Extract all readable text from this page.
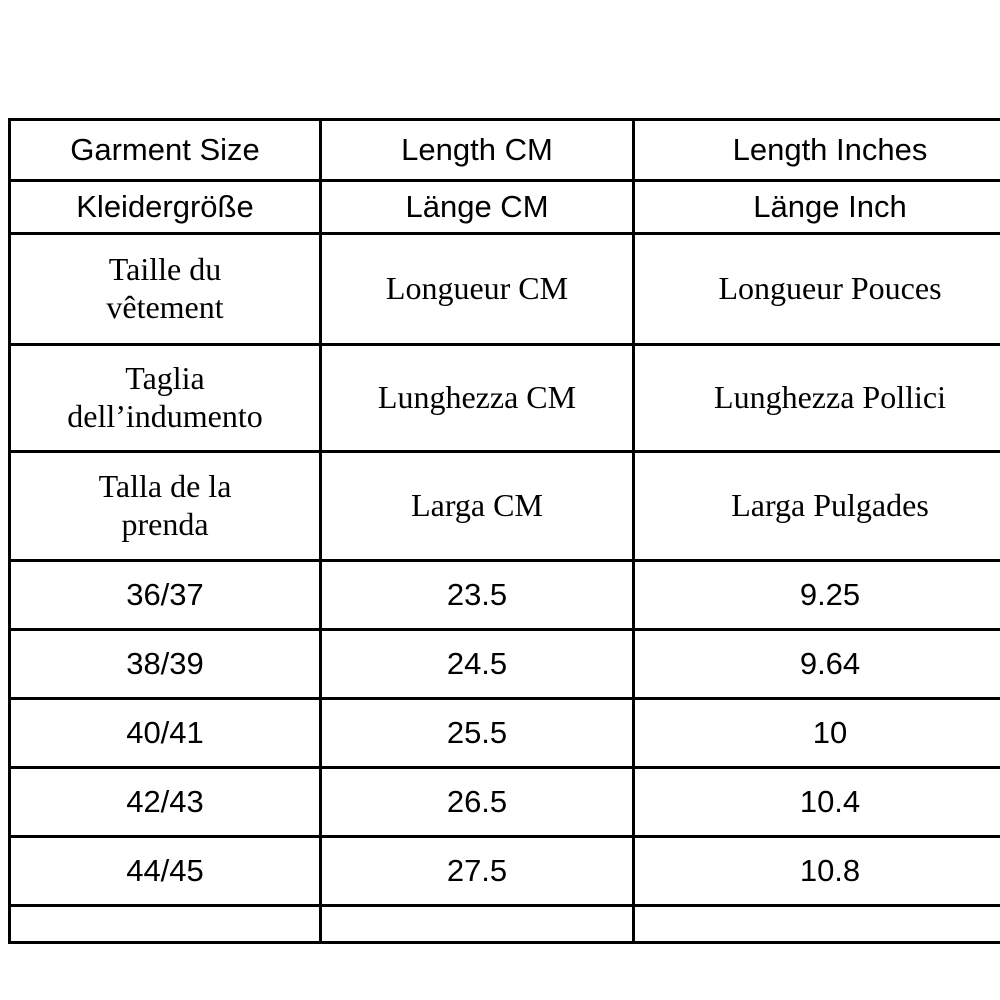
Garment Size	Length CM	Length Inches
Kleidergröße	Länge CM	Länge Inch

Taille du
vêtement	Longueur CM	Longueur Pouces

Taglia
dell’indumento	Lunghezza CM	Lunghezza Pollici

Talla de la
prenda	Larga CM	Larga Pulgades
36/37	23.5	9.25
38/39	24.5	9.64
40/41	25.5	10
42/43	26.5	10.4
44/45	27.5	10.8
